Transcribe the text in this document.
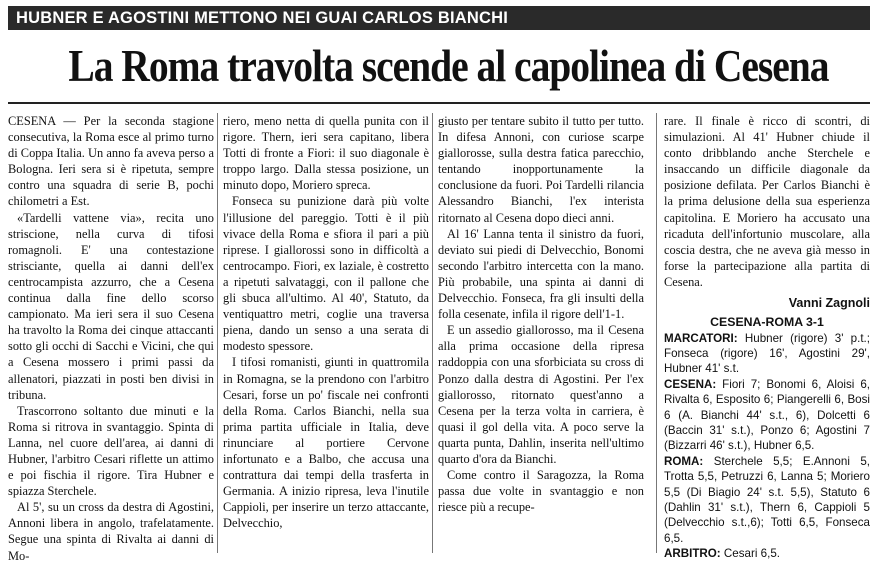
HUBNER E AGOSTINI METTONO NEI GUAI CARLOS BIANCHI
La Roma travolta scende al capolinea di Cesena

CESENA — Per la seconda stagione consecutiva, la Roma esce al primo turno di Coppa Italia. Un anno fa aveva perso a Bologna. Ieri sera si è ripetuta, sempre contro una squadra di serie B, pochi chilometri a Est.

«Tardelli vattene via», recita uno striscione, nella curva di tifosi romagnoli. E' una contestazione strisciante, quella ai danni dell'ex centrocampista azzurro, che a Cesena continua dalla fine dello scorso campionato. Ma ieri sera il suo Cesena ha travolto la Roma dei cinque attaccanti sotto gli occhi di Sacchi e Vicini, che qui a Cesena mossero i primi passi da allenatori, piazzati in posti ben divisi in tribuna.

Trascorrono soltanto due minuti e la Roma si ritrova in svantaggio. Spinta di Lanna, nel cuore dell'area, ai danni di Hubner, l'arbitro Cesari riflette un attimo e poi fischia il rigore. Tira Hubner e spiazza Sterchele.

Al 5', su un cross da destra di Agostini, Annoni libera in angolo, trafelatamente. Segue una spinta di Rivalta ai danni di Mo-

riero, meno netta di quella punita con il rigore. Thern, ieri sera capitano, libera Totti di fronte a Fiori: il suo diagonale è troppo largo. Dalla stessa posizione, un minuto dopo, Moriero spreca.

Fonseca su punizione darà più volte l'illusione del pareggio. Totti è il più vivace della Roma e sfiora il pari a più riprese. I giallorossi sono in difficoltà a centrocampo. Fiori, ex laziale, è costretto a ripetuti salvataggi, con il pallone che gli sbuca all'ultimo. Al 40', Statuto, da ventiquattro metri, coglie una traversa piena, dando un senso a una serata di modesto spessore.

I tifosi romanisti, giunti in quattromila in Romagna, se la prendono con l'arbitro Cesari, forse un po' fiscale nei confronti della Roma. Carlos Bianchi, nella sua prima partita ufficiale in Italia, deve rinunciare al portiere Cervone infortunato e a Balbo, che accusa una contrattura dai tempi della trasferta in Germania. A inizio ripresa, leva l'inutile Cappioli, per inserire un terzo attaccante, Delvecchio,

giusto per tentare subito il tutto per tutto. In difesa Annoni, con curiose scarpe giallorosse, sulla destra fatica parecchio, tentando inopportunamente la conclusione da fuori. Poi Tardelli rilancia Alessandro Bianchi, l'ex interista ritornato al Cesena dopo dieci anni.

Al 16' Lanna tenta il sinistro da fuori, deviato sui piedi di Delvecchio, Bonomi secondo l'arbitro intercetta con la mano. Più probabile, una spinta ai danni di Delvecchio. Fonseca, fra gli insulti della folla cesenate, infila il rigore dell'1-1.

E un assedio giallorosso, ma il Cesena alla prima occasione della ripresa raddoppia con una sforbiciata su cross di Ponzo dalla destra di Agostini. Per l'ex giallorosso, ritornato quest'anno a Cesena per la terza volta in carriera, è quasi il gol della vita. A poco serve la quarta punta, Dahlin, inserita nell'ultimo quarto d'ora da Bianchi.

Come contro il Saragozza, la Roma passa due volte in svantaggio e non riesce più a recupe-

rare. Il finale è ricco di scontri, di simulazioni. Al 41' Hubner chiude il conto dribblando anche Sterchele e insaccando un difficile diagonale da posizione defilata. Per Carlos Bianchi è la prima delusione della sua esperienza capitolina. E Moriero ha accusato una ricaduta dell'infortunio muscolare, alla coscia destra, che ne aveva già messo in forse la partecipazione alla partita di Cesena.

Vanni Zagnoli

CESENA-ROMA 3-1

MARCATORI: Hubner (rigore) 3' p.t.; Fonseca (rigore) 16', Agostini 29', Hubner 41' s.t.

CESENA: Fiori 7; Bonomi 6, Aloisi 6, Rivalta 6, Esposito 6; Piangerelli 6, Bosi 6 (A. Bianchi 44' s.t., 6), Dolcetti 6 (Baccin 31' s.t.), Ponzo 6; Agostini 7 (Bizzarri 46' s.t.), Hubner 6,5.

ROMA: Sterchele 5,5; E.Annoni 5, Trotta 5,5, Petruzzi 6, Lanna 5; Moriero 5,5 (Di Biagio 24' s.t. 5,5), Statuto 6 (Dahlin 31' s.t.), Thern 6, Cappioli 5 (Delvecchio s.t.,6); Totti 6,5, Fonseca 6,5.

ARBITRO: Cesari 6,5.
